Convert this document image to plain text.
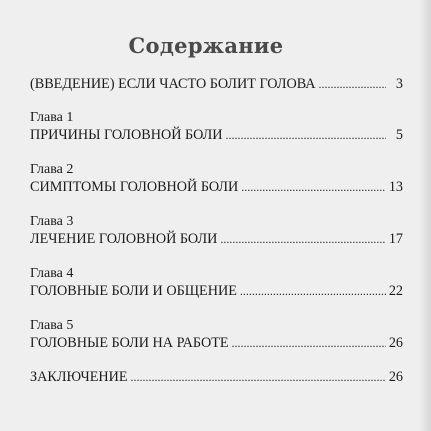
Содержание
(ВВЕДЕНИЕ) ЕСЛИ ЧАСТО БОЛИТ ГОЛОВА . . .	3
Глава 1
ПРИЧИНЫ ГОЛОВНОЙ БОЛИ . . .	5
Глава 2
СИМПТОМЫ ГОЛОВНОЙ БОЛИ . . .	13
Глава 3
ЛЕЧЕНИЕ ГОЛОВНОЙ БОЛИ . . .	17
Глава 4
ГОЛОВНЫЕ БОЛИ И ОБЩЕНИЕ . . .	22
Глава 5
ГОЛОВНЫЕ БОЛИ НА РАБОТЕ . . .	26
ЗАКЛЮЧЕНИЕ . . .	26
